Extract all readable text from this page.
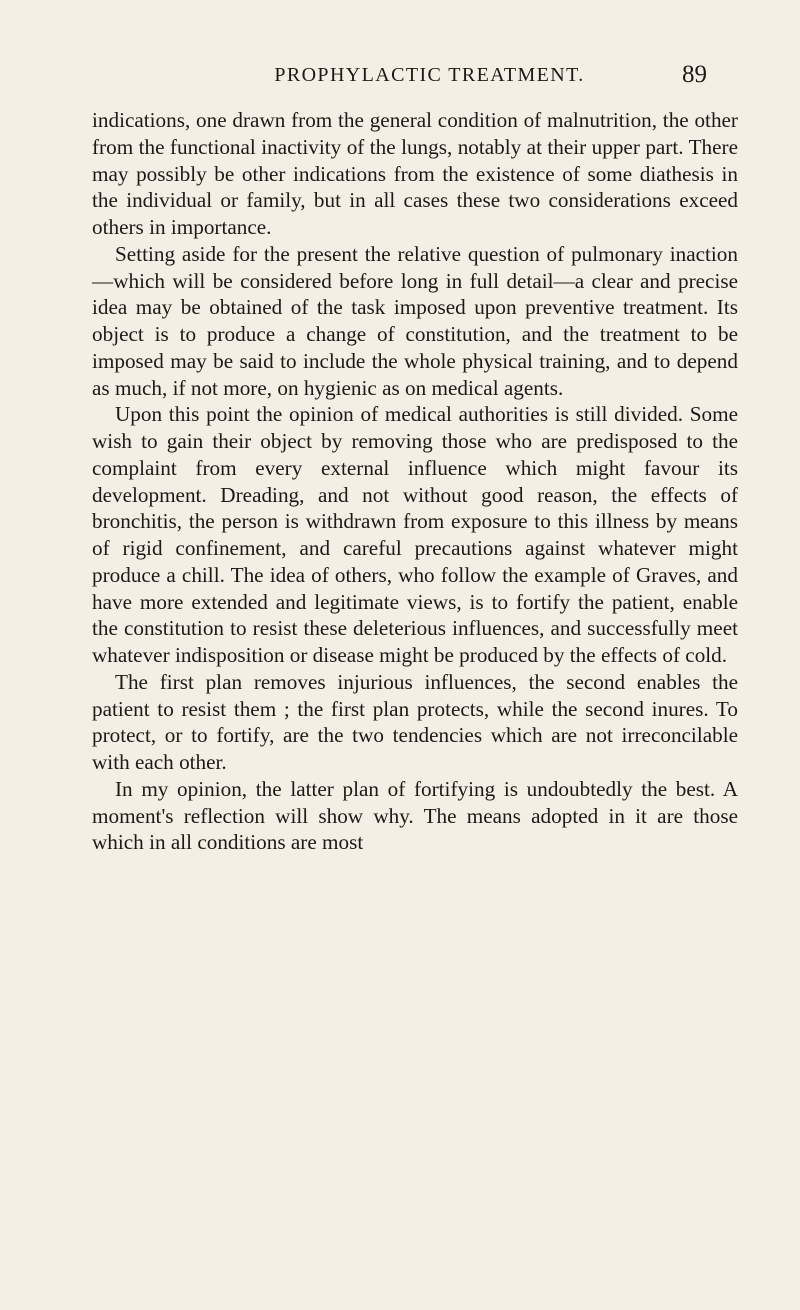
PROPHYLACTIC TREATMENT.	89

indications, one drawn from the general condition of malnutrition, the other from the functional inactivity of the lungs, notably at their upper part. There may possibly be other indications from the existence of some diathesis in the individual or family, but in all cases these two considerations exceed others in importance.

Setting aside for the present the relative question of pulmonary inaction—which will be considered before long in full detail—a clear and precise idea may be obtained of the task imposed upon preventive treatment. Its object is to produce a change of constitution, and the treatment to be imposed may be said to include the whole physical training, and to depend as much, if not more, on hygienic as on medical agents.

Upon this point the opinion of medical authorities is still divided. Some wish to gain their object by removing those who are predisposed to the complaint from every external influence which might favour its development. Dreading, and not without good reason, the effects of bronchitis, the person is withdrawn from exposure to this illness by means of rigid confinement, and careful precautions against whatever might produce a chill. The idea of others, who follow the example of Graves, and have more extended and legitimate views, is to fortify the patient, enable the constitution to resist these deleterious influences, and successfully meet whatever indisposition or disease might be produced by the effects of cold.

The first plan removes injurious influences, the second enables the patient to resist them ; the first plan protects, while the second inures. To protect, or to fortify, are the two tendencies which are not irreconcilable with each other.

In my opinion, the latter plan of fortifying is undoubtedly the best. A moment's reflection will show why. The means adopted in it are those which in all conditions are most
